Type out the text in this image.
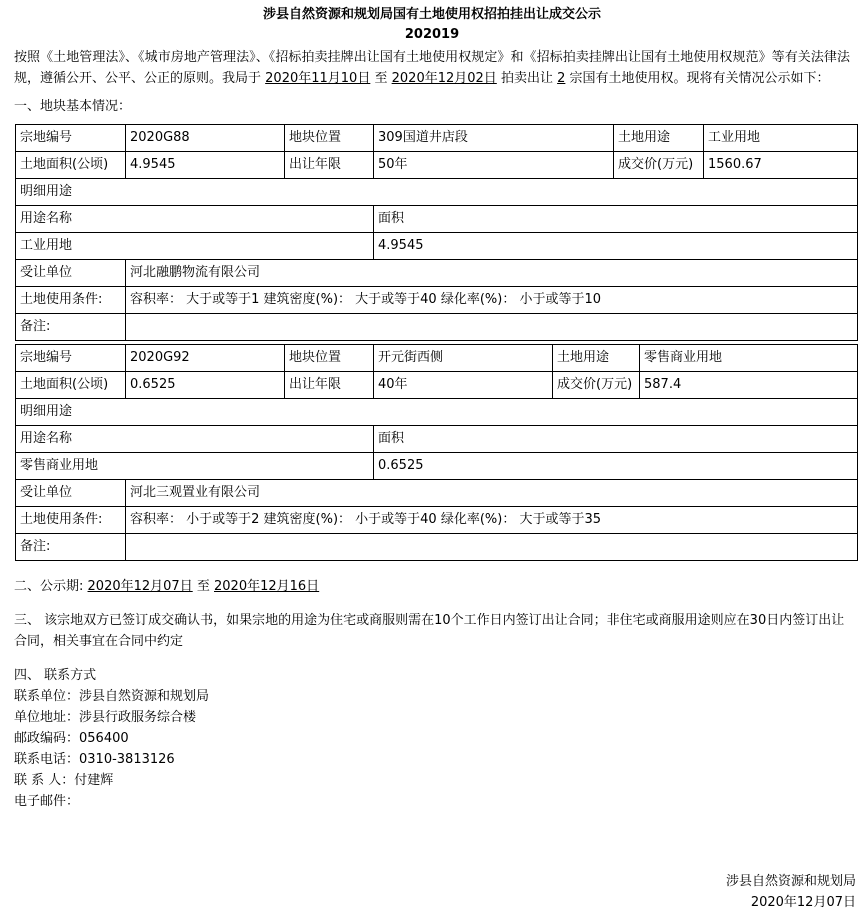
涉县自然资源和规划局国有土地使用权招拍挂出让成交公示
202019
按照《土地管理法》、《城市房地产管理法》、《招标拍卖挂牌出让国有土地使用权规定》和《招标拍卖挂牌出让国有土地使用权规范》等有关法律法规，遵循公开、公平、公正的原则。我局于 2020年11月10日 至 2020年12月02日 拍卖出让 2 宗国有土地使用权。现将有关情况公示如下：
一、地块基本情况：
宗地编号	2020G88	地块位置	309国道井店段	土地用途	工业用地
土地面积(公顷)	4.9545	出让年限	50年	成交价(万元)	1560.67
明细用途					
用途名称			面积		
工业用地			4.9545		
受让单位	河北融鹏物流有限公司				
土地使用条件:	容积率： 大于或等于1 建筑密度(%)： 大于或等于40 绿化率(%)： 小于或等于10				
备注:					
宗地编号	2020G92	地块位置	开元街西侧	土地用途	零售商业用地
土地面积(公顷)	0.6525	出让年限	40年	成交价(万元)	587.4
明细用途					
用途名称			面积		
零售商业用地			0.6525		
受让单位	河北三观置业有限公司				
土地使用条件:	容积率： 小于或等于2 建筑密度(%)： 小于或等于40 绿化率(%)： 大于或等于35				
备注:					
二、公示期: 2020年12月07日 至 2020年12月16日
三、 该宗地双方已签订成交确认书，如果宗地的用途为住宅或商服则需在10个工作日内签订出让合同；非住宅或商服用途则应在30日内签订出让合同，相关事宜在合同中约定
四、 联系方式
联系单位：涉县自然资源和规划局
单位地址：涉县行政服务综合楼
邮政编码：056400
联系电话：0310-3813126
联 系 人：付建辉
电子邮件：
涉县自然资源和规划局
2020年12月07日
